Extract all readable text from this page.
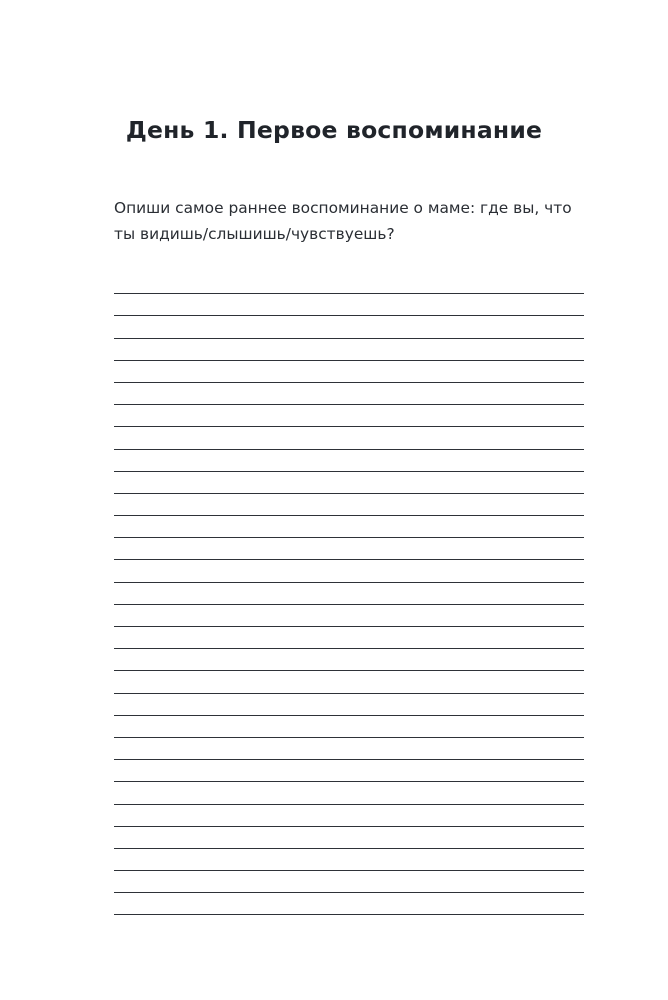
День 1. Первое воспоминание

Опиши самое раннее воспоминание о маме: где вы, что ты видишь/слышишь/чувствуешь?
